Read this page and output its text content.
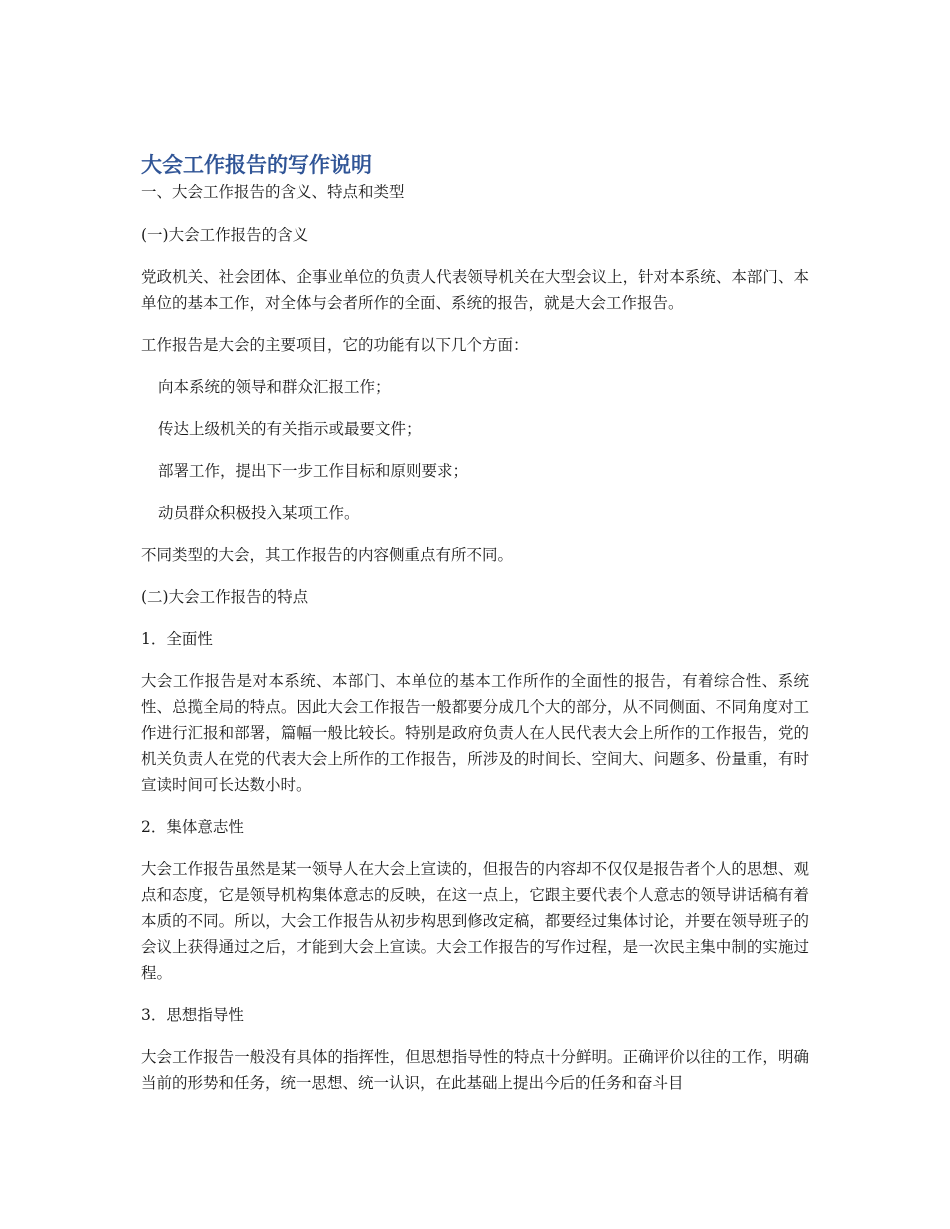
大会工作报告的写作说明

一、大会工作报告的含义、特点和类型

(一)大会工作报告的含义

党政机关、社会团体、企事业单位的负责人代表领导机关在大型会议上，针对本系统、本部门、本单位的基本工作，对全体与会者所作的全面、系统的报告，就是大会工作报告。

工作报告是大会的主要项目，它的功能有以下几个方面：

向本系统的领导和群众汇报工作；

传达上级机关的有关指示或最要文件；

部署工作，提出下一步工作目标和原则要求；

动员群众积极投入某项工作。

不同类型的大会，其工作报告的内容侧重点有所不同。

(二)大会工作报告的特点

1．全面性

大会工作报告是对本系统、本部门、本单位的基本工作所作的全面性的报告，有着综合性、系统性、总揽全局的特点。因此大会工作报告一般都要分成几个大的部分，从不同侧面、不同角度对工作进行汇报和部署，篇幅一般比较长。特别是政府负责人在人民代表大会上所作的工作报告，党的机关负责人在党的代表大会上所作的工作报告，所涉及的时间长、空间大、问题多、份量重，有时宣读时间可长达数小时。

2．集体意志性

大会工作报告虽然是某一领导人在大会上宣读的，但报告的内容却不仅仅是报告者个人的思想、观点和态度，它是领导机构集体意志的反映，在这一点上，它跟主要代表个人意志的领导讲话稿有着本质的不同。所以，大会工作报告从初步构思到修改定稿，都要经过集体讨论，并要在领导班子的会议上获得通过之后，才能到大会上宣读。大会工作报告的写作过程，是一次民主集中制的实施过程。

3．思想指导性

大会工作报告一般没有具体的指挥性，但思想指导性的特点十分鲜明。正确评价以往的工作，明确当前的形势和任务，统一思想、统一认识，在此基础上提出今后的任务和奋斗目
